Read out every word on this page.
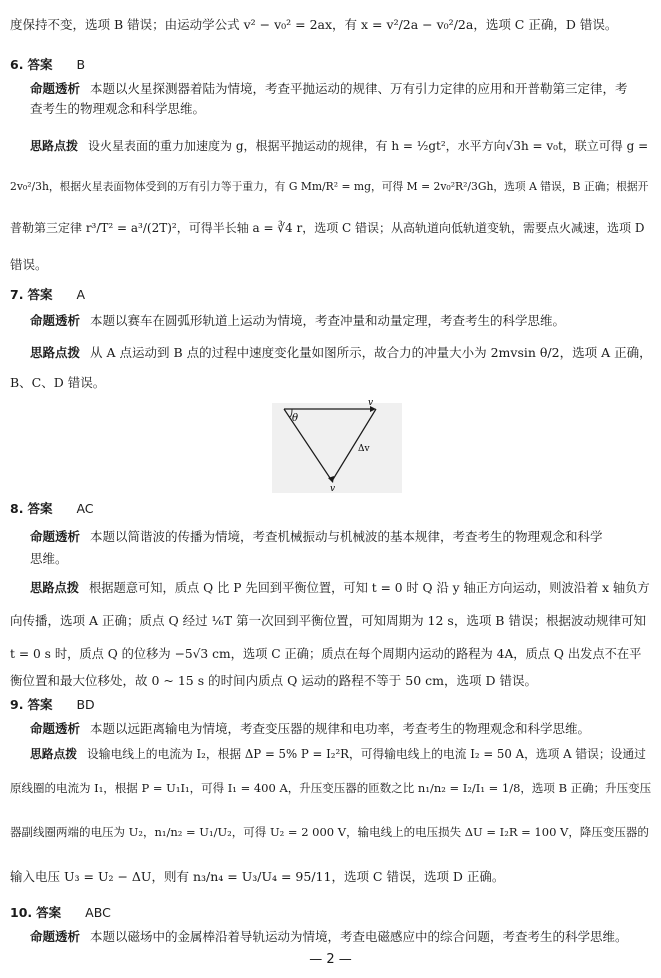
度保持不变，选项 B 错误；由运动学公式 v² − v₀² = 2ax，有 x = v²/2a − v₀²/2a，选项 C 正确，D 错误。
6. 答案 B
命题透析 本题以火星探测器着陆为情境，考查平抛运动的规律、万有引力定律的应用和开普勒第三定律，考
查考生的物理观念和科学思维。
思路点拨 设火星表面的重力加速度为 g，根据平抛运动的规律，有 h = ½gt²，水平方向√3h = v₀t，联立可得 g =
2v₀²/3h，根据火星表面物体受到的万有引力等于重力，有 G Mm/R² = mg，可得 M = 2v₀²R²/3Gh，选项 A 错误，B 正确；根据开
普勒第三定律 r³/T² = a³/(2T)²，可得半长轴 a = ∛4 r，选项 C 错误；从高轨道向低轨道变轨，需要点火减速，选项 D
错误。
7. 答案 A
命题透析 本题以赛车在圆弧形轨道上运动为情境，考查冲量和动量定理，考查考生的科学思维。
思路点拨 从 A 点运动到 B 点的过程中速度变化量如图所示，故合力的冲量大小为 2mvsin θ/2，选项 A 正确，
B、C、D 错误。
θ
v
v
Δv
8. 答案 AC
命题透析 本题以简谐波的传播为情境，考查机械振动与机械波的基本规律，考查考生的物理观念和科学
思维。
思路点拨 根据题意可知，质点 Q 比 P 先回到平衡位置，可知 t = 0 时 Q 沿 y 轴正方向运动，则波沿着 x 轴负方
向传播，选项 A 正确；质点 Q 经过 ⅙T 第一次回到平衡位置，可知周期为 12 s，选项 B 错误；根据波动规律可知
t = 0 s 时，质点 Q 的位移为 −5√3 cm，选项 C 正确；质点在每个周期内运动的路程为 4A，质点 Q 出发点不在平
衡位置和最大位移处，故 0 ~ 15 s 的时间内质点 Q 运动的路程不等于 50 cm，选项 D 错误。
9. 答案 BD
命题透析 本题以远距离输电为情境，考查变压器的规律和电功率，考查考生的物理观念和科学思维。
思路点拨 设输电线上的电流为 I₂，根据 ΔP = 5% P = I₂²R，可得输电线上的电流 I₂ = 50 A，选项 A 错误；设通过
原线圈的电流为 I₁，根据 P = U₁I₁，可得 I₁ = 400 A，升压变压器的匝数之比 n₁/n₂ = I₂/I₁ = 1/8，选项 B 正确；升压变压
器副线圈两端的电压为 U₂，n₁/n₂ = U₁/U₂，可得 U₂ = 2 000 V，输电线上的电压损失 ΔU = I₂R = 100 V，降压变压器的
输入电压 U₃ = U₂ − ΔU，则有 n₃/n₄ = U₃/U₄ = 95/11，选项 C 错误，选项 D 正确。
10. 答案 ABC
命题透析 本题以磁场中的金属棒沿着导轨运动为情境，考查电磁感应中的综合问题，考查考生的科学思维。
— 2 —
